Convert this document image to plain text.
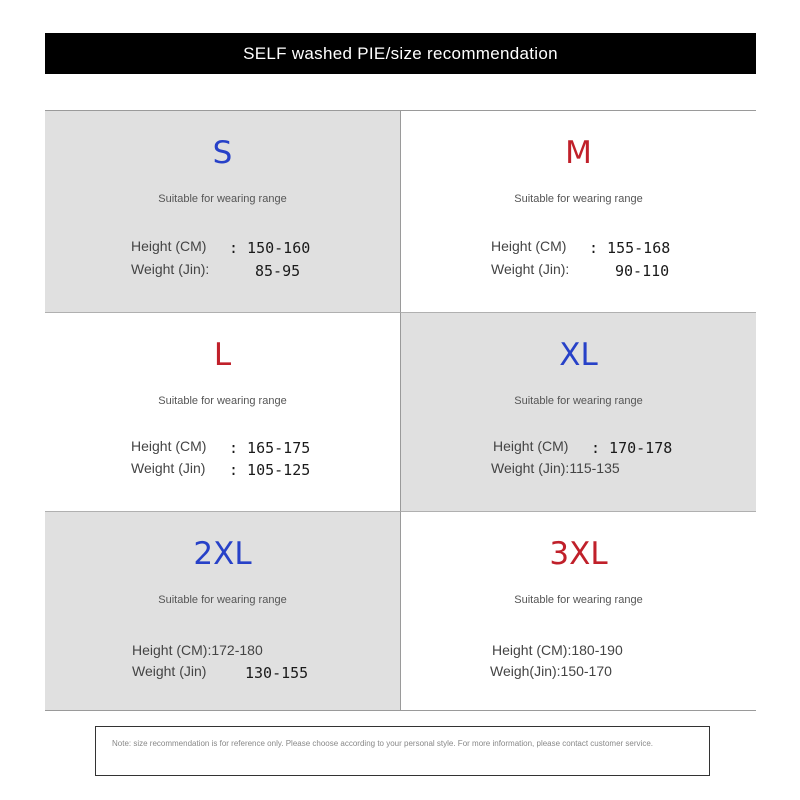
SELF washed PIE/size recommendation
S
Suitable for wearing range
Height (CM) : 150-160
Weight (Jin):	85-95
M
Suitable for wearing range
Height (CM) : 155-168
Weight (Jin):	90-110
L
Suitable for wearing range
Height (CM) : 165-175
Weight (Jin) : 105-125
XL
Suitable for wearing range
Height (CM) : 170-178
Weight (Jin):115-135
2XL
Suitable for wearing range
Height (CM):172-180
Weight (Jin)	130-155
3XL
Suitable for wearing range
Height (CM):180-190
Weigh(Jin):150-170
Note: size recommendation is for reference only. Please choose according to your personal style. For more information, please contact customer service.
